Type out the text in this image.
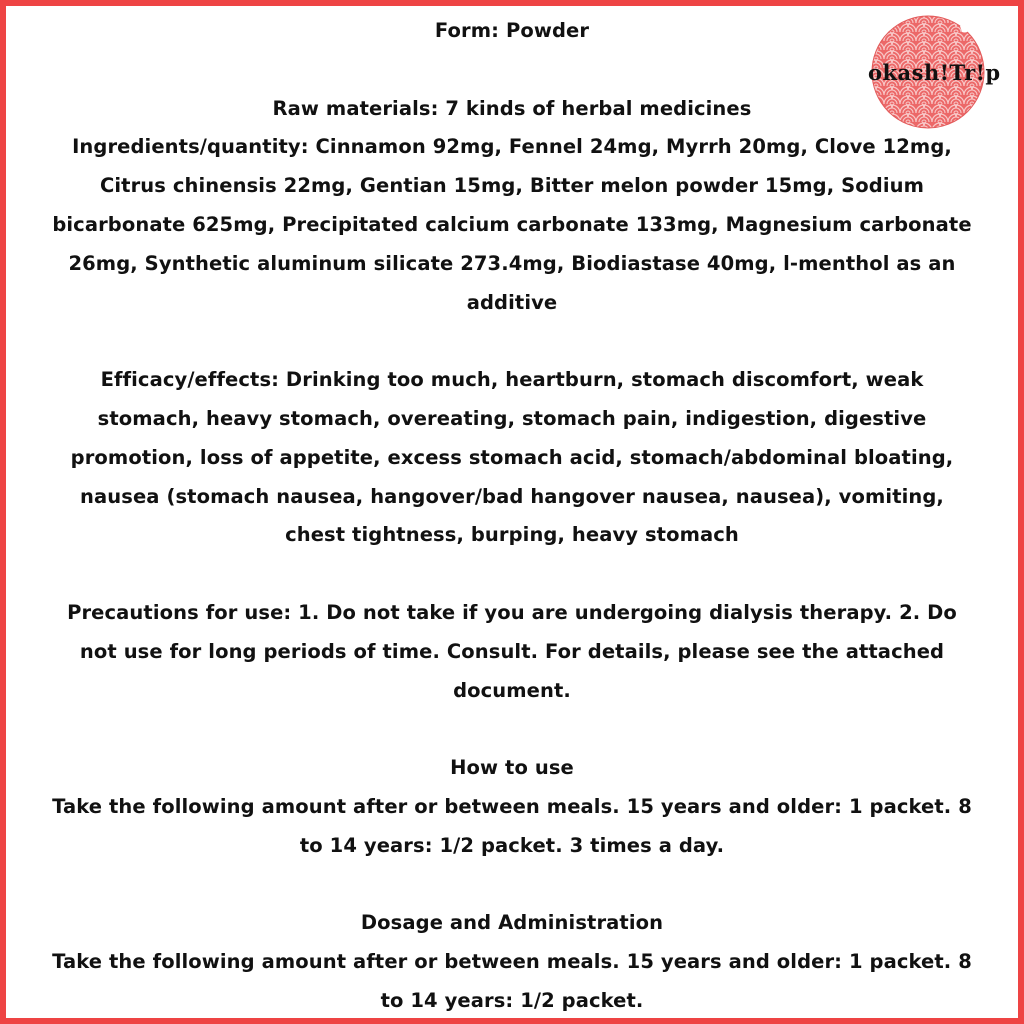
okash!Tr!p

Form: Powder

Raw materials: 7 kinds of herbal medicines

Ingredients/quantity: Cinnamon 92mg, Fennel 24mg, Myrrh 20mg, Clove 12mg, Citrus chinensis 22mg, Gentian 15mg, Bitter melon powder 15mg, Sodium bicarbonate 625mg, Precipitated calcium carbonate 133mg, Magnesium carbonate 26mg, Synthetic aluminum silicate 273.4mg, Biodiastase 40mg, l-menthol as an additive

Efficacy/effects: Drinking too much, heartburn, stomach discomfort, weak stomach, heavy stomach, overeating, stomach pain, indigestion, digestive promotion, loss of appetite, excess stomach acid, stomach/abdominal bloating, nausea (stomach nausea, hangover/bad hangover nausea, nausea), vomiting, chest tightness, burping, heavy stomach

Precautions for use: 1. Do not take if you are undergoing dialysis therapy. 2. Do not use for long periods of time. Consult. For details, please see the attached document.

How to use

Take the following amount after or between meals. 15 years and older: 1 packet. 8 to 14 years: 1/2 packet. 3 times a day.

Dosage and Administration

Take the following amount after or between meals. 15 years and older: 1 packet. 8 to 14 years: 1/2 packet.
